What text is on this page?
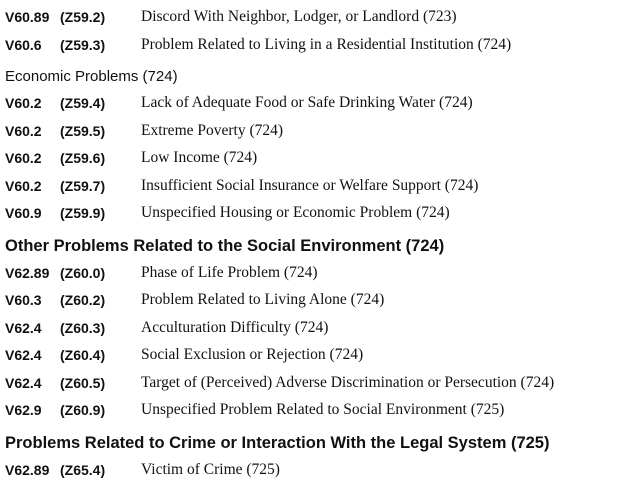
V60.89 (Z59.2) Discord With Neighbor, Lodger, or Landlord (723)
V60.6 (Z59.3) Problem Related to Living in a Residential Institution (724)
Economic Problems (724)
V60.2 (Z59.4) Lack of Adequate Food or Safe Drinking Water (724)
V60.2 (Z59.5) Extreme Poverty (724)
V60.2 (Z59.6) Low Income (724)
V60.2 (Z59.7) Insufficient Social Insurance or Welfare Support (724)
V60.9 (Z59.9) Unspecified Housing or Economic Problem (724)
Other Problems Related to the Social Environment (724)
V62.89 (Z60.0) Phase of Life Problem (724)
V60.3 (Z60.2) Problem Related to Living Alone (724)
V62.4 (Z60.3) Acculturation Difficulty (724)
V62.4 (Z60.4) Social Exclusion or Rejection (724)
V62.4 (Z60.5) Target of (Perceived) Adverse Discrimination or Persecution (724)
V62.9 (Z60.9) Unspecified Problem Related to Social Environment (725)
Problems Related to Crime or Interaction With the Legal System (725)
V62.89 (Z65.4) Victim of Crime (725)
